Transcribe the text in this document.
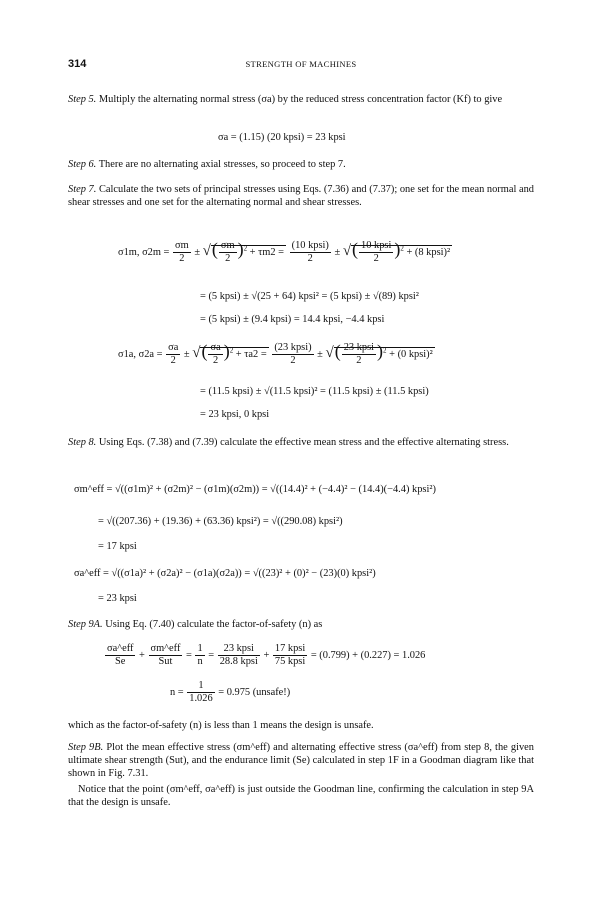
314	STRENGTH OF MACHINES
Step 5. Multiply the alternating normal stress (σa) by the reduced stress concentration factor (Kf) to give
σa = (1.15) (20 kpsi) = 23 kpsi
Step 6. There are no alternating axial stresses, so proceed to step 7.
Step 7. Calculate the two sets of principal stresses using Eqs. (7.36) and (7.37); one set for the mean normal and shear stresses and one set for the alternating normal and shear stresses.
σ1m, $\sigma 2m = \frac{\sigma m}{2}$ ± √( $\frac{\sigma m}{2} )^2 + \tau m2 = \frac{\text{(10 kpsi)}}{2}$ ± √( $\frac{\text{10 kpsi}}{2} )^2 + (8$ kpsi)²
= (5 kpsi) ± √(25 + 64) kpsi² = (5 kpsi) ± √(89) kpsi²
= (5 kpsi) ± (9.4 kpsi) = 14.4 kpsi, −4.4 kpsi
σ1a, $\sigma 2a = \frac{\sigma a}{2}$ ± √( $\frac{\sigma a}{2} )^2 + \tau a2 = \frac{\text{(23 kpsi)}}{2}$ ± √( $\frac{\text{23 kpsi}}{2} )^2 + (0$ kpsi)²
= (11.5 kpsi) ± √(11.5 kpsi)² = (11.5 kpsi) ± (11.5 kpsi)
= 23 kpsi, 0 kpsi
Step 8. Using Eqs. (7.38) and (7.39) calculate the effective mean stress and the effective alternating stress.
σm^eff = √((σ1m)² + (σ2m)² − (σ1m)(σ2m)) = √((14.4)² + (−4.4)² − (14.4)(−4.4) kpsi²)
= √((207.36) + (19.36) + (63.36) kpsi²) = √((290.08) kpsi²)
= 17 kpsi
σa^eff = √((σ1a)² + (σ2a)² − (σ1a)(σ2a)) = √((23)² + (0)² − (23)(0) kpsi²)
= 23 kpsi
Step 9A. Using Eq. (7.40) calculate the factor-of-safety (n) as
$\frac{\text{σa\textasciicircum{}eff}}{Se} + \frac{\text{σm\textasciicircum{}eff}}{\text{Sut}} = \frac{1}{n} = \frac{\text{23 kpsi}}{\text{28.8 kpsi}} + \frac{\text{17 kpsi}}{\text{75 kpsi}} = (0.799) + (0.227) = 1.026$
$n = \frac{1}{1.026} = 0.975$ (unsafe!)
which as the factor-of-safety (n) is less than 1 means the design is unsafe.
Step 9B. Plot the mean effective stress (σm^eff) and alternating effective stress (σa^eff) from step 8, the given ultimate shear strength (Sut), and the endurance limit (Se) calculated in step 1F in a Goodman diagram like that shown in Fig. 7.31.
Notice that the point (σm^eff, σa^eff) is just outside the Goodman line, confirming the calculation in step 9A that the design is unsafe.
